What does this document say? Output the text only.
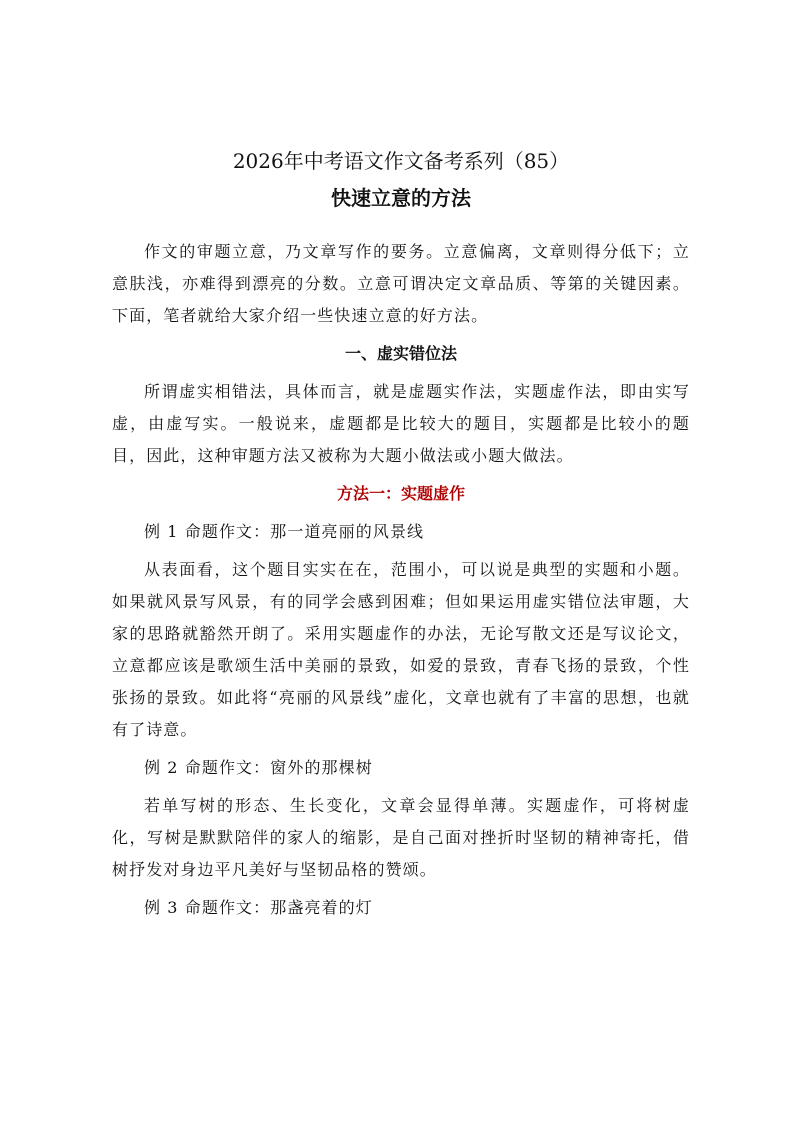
2026年中考语文作文备考系列（85）
快速立意的方法

作文的审题立意，乃文章写作的要务。立意偏离，文章则得分低下；立意肤浅，亦难得到漂亮的分数。立意可谓决定文章品质、等第的关键因素。下面，笔者就给大家介绍一些快速立意的好方法。

一、虚实错位法

所谓虚实相错法，具体而言，就是虚题实作法，实题虚作法，即由实写虚，由虚写实。一般说来，虚题都是比较大的题目，实题都是比较小的题目，因此，这种审题方法又被称为大题小做法或小题大做法。

方法一：实题虚作

例 1 命题作文：那一道亮丽的风景线

从表面看，这个题目实实在在，范围小，可以说是典型的实题和小题。如果就风景写风景，有的同学会感到困难；但如果运用虚实错位法审题，大家的思路就豁然开朗了。采用实题虚作的办法，无论写散文还是写议论文，立意都应该是歌颂生活中美丽的景致，如爱的景致，青春飞扬的景致，个性张扬的景致。如此将“亮丽的风景线”虚化，文章也就有了丰富的思想，也就有了诗意。

例 2 命题作文：窗外的那棵树

若单写树的形态、生长变化，文章会显得单薄。实题虚作，可将树虚化，写树是默默陪伴的家人的缩影，是自己面对挫折时坚韧的精神寄托，借树抒发对身边平凡美好与坚韧品格的赞颂。

例 3 命题作文：那盏亮着的灯
